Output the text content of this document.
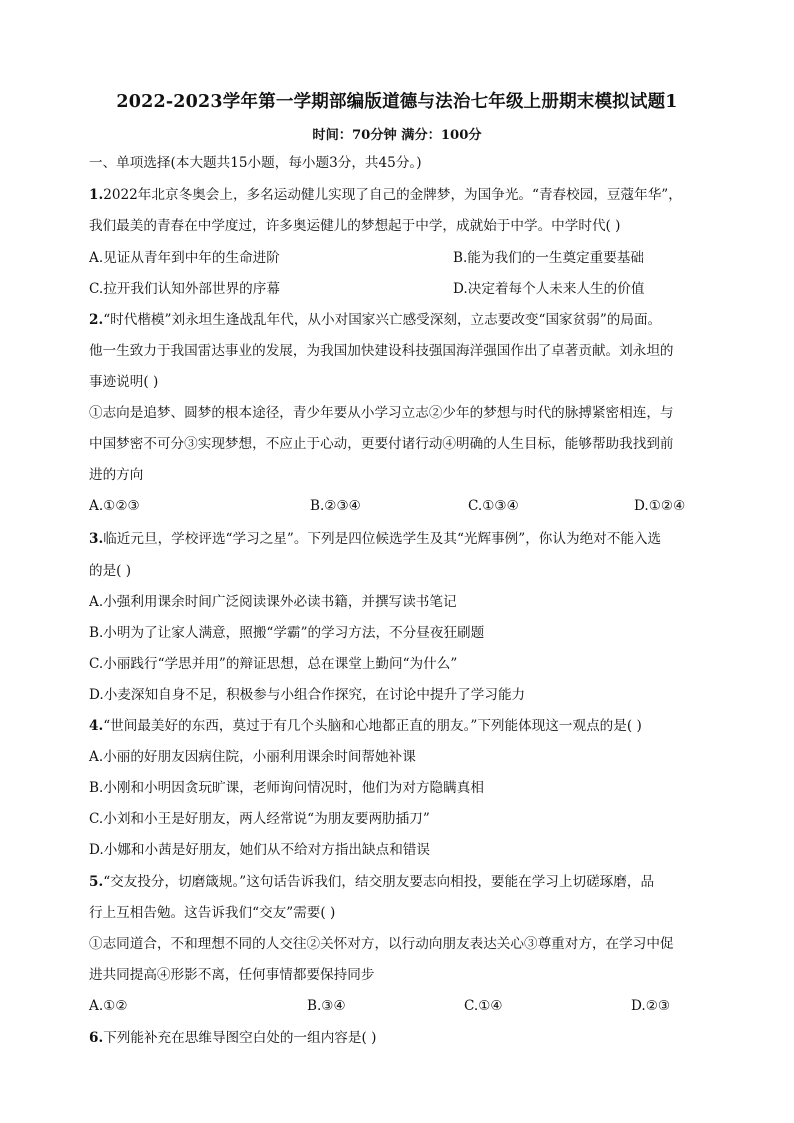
2022-2023学年第一学期部编版道德与法治七年级上册期末模拟试题1
时间：70分钟 满分：100分
一、单项选择(本大题共15小题，每小题3分，共45分。)
1.2022年北京冬奥会上，多名运动健儿实现了自己的金牌梦，为国争光。“青春校园，豆蔻年华”，
我们最美的青春在中学度过，许多奥运健儿的梦想起于中学，成就始于中学。中学时代( )
A.见证从青年到中年的生命进阶	B.能为我们的一生奠定重要基础
C.拉开我们认知外部世界的序幕	D.决定着每个人未来人生的价值
2.“时代楷模”刘永坦生逢战乱年代，从小对国家兴亡感受深刻，立志要改变“国家贫弱”的局面。
他一生致力于我国雷达事业的发展，为我国加快建设科技强国海洋强国作出了卓著贡献。刘永坦的
事迹说明( )
①志向是追梦、圆梦的根本途径，青少年要从小学习立志②少年的梦想与时代的脉搏紧密相连，与
中国梦密不可分③实现梦想，不应止于心动，更要付诸行动④明确的人生目标，能够帮助我找到前
进的方向
A.①②③	B.②③④	C.①③④	D.①②④
3.临近元旦，学校评选“学习之星”。下列是四位候选学生及其“光辉事例”，你认为绝对不能入选
的是( )
A.小强利用课余时间广泛阅读课外必读书籍，并撰写读书笔记
B.小明为了让家人满意，照搬“学霸”的学习方法，不分昼夜狂刷题
C.小丽践行“学思并用”的辩证思想，总在课堂上勤问“为什么”
D.小麦深知自身不足，积极参与小组合作探究，在讨论中提升了学习能力
4.“世间最美好的东西，莫过于有几个头脑和心地都正直的朋友。”下列能体现这一观点的是( )
A.小丽的好朋友因病住院，小丽利用课余时间帮她补课
B.小刚和小明因贪玩旷课，老师询问情况时，他们为对方隐瞒真相
C.小刘和小王是好朋友，两人经常说“为朋友要两肋插刀”
D.小娜和小茜是好朋友，她们从不给对方指出缺点和错误
5.“交友投分，切磨箴规。”这句话告诉我们，结交朋友要志向相投，要能在学习上切磋琢磨，品
行上互相告勉。这告诉我们“交友”需要( )
①志同道合，不和理想不同的人交往②关怀对方，以行动向朋友表达关心③尊重对方，在学习中促
进共同提高④形影不离，任何事情都要保持同步
A.①②	B.③④	C.①④	D.②③
6.下列能补充在思维导图空白处的一组内容是( )
